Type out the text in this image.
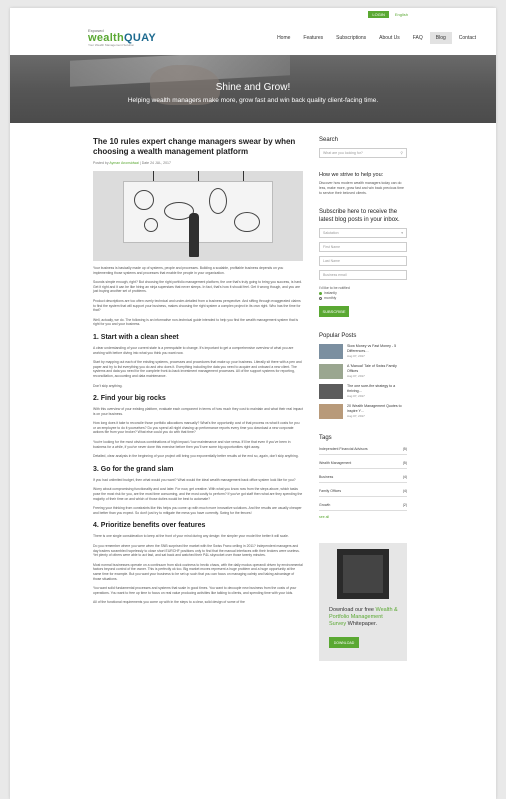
LOGIN	English
Exposed
wealthQUAY
Your Wealth Management Solution
Home	Features	Subscriptions	About Us	FAQ	Blog	Contact
Shine and Grow!

Helping wealth managers make more, grow fast and win back quality client-facing time.

The 10 rules expert change managers swear by when choosing a wealth management platform
Posted by Ayman Anonsidwai | Date 24 JUL, 2017

Your business is basically made up of systems, people and processes. Building a scalable, profitable business depends on you implementing those systems and processes that enable the people in your organization.

Sounds simple enough, right? But choosing the right portfolio management platform, the one that's truly going to bring you success, is hard. Get it right and it can be like hiring an ninja superstars that never sleeps. In fact, that's how it should feel. Get it wrong though, and you are just buying another set of problems.

Product descriptions are too often overly technical and under-detailed from a business perspective. And sifting through exaggerated claims to find the system that will support your business, makes choosing the right system a complex project in its own right. Who has the time for that?

Well, actually, we do. The following is an informative non-technical guide intended to help you find the wealth management system that is right for you and your business.

1. Start with a clean sheet

A clear understanding of your current state is a prerequisite to change. It's important to get a comprehensive overview of what you are working with before diving into what you think you want now.

Start by mapping out each of the existing systems, processes and procedures that make up your business. Literally sit there with a pen and paper and try to list everything you do and who does it. Everything including the data you need to acquire and onboard a new client. The systems and data you need for the complete front-to-back investment management processes. All of the support systems for reporting, reconciliation, accounting and data maintenance.

Don't skip anything.

2. Find your big rocks

With this overview of your existing platform, evaluate each component in terms of how much they cost to maintain and what their real impact is on your business.

How long does it take to reconcile those portfolio allocations manually? What's the opportunity cost of that process vs what it costs for you or an employee to do it yourselves? Do you spend all night chasing up performance reports every time you download a new corporate actions file from your broker? What else could you do with that time?

You're looking for the most obvious combinations of high impact / low maintenance and vice versa. It'll be that even if you've been in business for a while, if you've never done this exercise before then you'll see some big opportunities right away.

Detailed, clear analysis in the beginning of your project will bring you exponentially better results at the end so, again, don't skip anything.

3. Go for the grand slam

If you had unlimited budget, then what would you want? What would the ideal wealth management back office system look like for you?

Worry about compromising functionality and cost later. For now, get creative. With what you know now from the steps above, which tasks pose the most risk for you, are the most time consuming, and the most costly to perform? If you've got staff then what are they spending the majority of their time on and which of those duties would be best to automate?

Freeing your thinking from constraints like this helps you come up with much more innovative solutions. And the results are usually cheaper and better than you expect. So don't just try to mitigate the mess you have currently. Swing for the fences!

4. Prioritize benefits over features

There is one single consideration to keep at the front of your mind during any design: the simpler your model the better it will scale.

Do you remember where you were when the SNB surprised the market with the Swiss Franc ceiling in 2011? Independent managers and day traders scrambled hopelessly to close short EURCHF positions only to find that the manual interfaces with their brokers were useless. Yet plenty of others were able to act fast, and sat back and watched their P&L skyrocket over those twenty minutes.

Most normal businesses operate on a continuum from slick coziness to hectic chaos, with the daily modus operandi driven by environmental factors beyond control of the owner. This is perfectly ok too. Big market moves represent a huge problem and a huge opportunity at the same time for example. But you want your business to be set up such that you can focus on managing calmly and taking advantage of those situations.

You want solid fundamental processes and systems that scale in good times. You want to decouple new business from the costs of your operations. You want to free up time to focus on real value producing activities like talking to clients, and spending time with your kids.

All of the functional requirements you come up with in the steps to a clear, solid design of some of the

Search
What are you looking for?	⚲
How we strive to help you:
Discover how modern wealth managers today can do less, make more, grow fast and win back precious time to service their beloved clients.
Subscribe here to receive the latest blog posts in your inbox.
Salutation	▾
First Name
Last Name
Business email
I'd like to be notified
instantly
monthly
SUBSCRIBE
Popular Posts
Slow Money vs Fast Money - 5 Differences…
Aug 07, 2017
A 'Manual' Tale of Swiss Family Offices
Aug 07, 2017
The one sure-fire strategy to a thriving…
Aug 07, 2017
20 Wealth Management Quotes to inspire Y…
Aug 07, 2017
Tags
Independent Financial Advisors	(5)
Wealth Management	(5)
Business	(4)
Family Offices	(4)
Growth	(2)
see all
Download our free Wealth & Portfolio Management Survey Whitepaper.
DOWNLOAD
